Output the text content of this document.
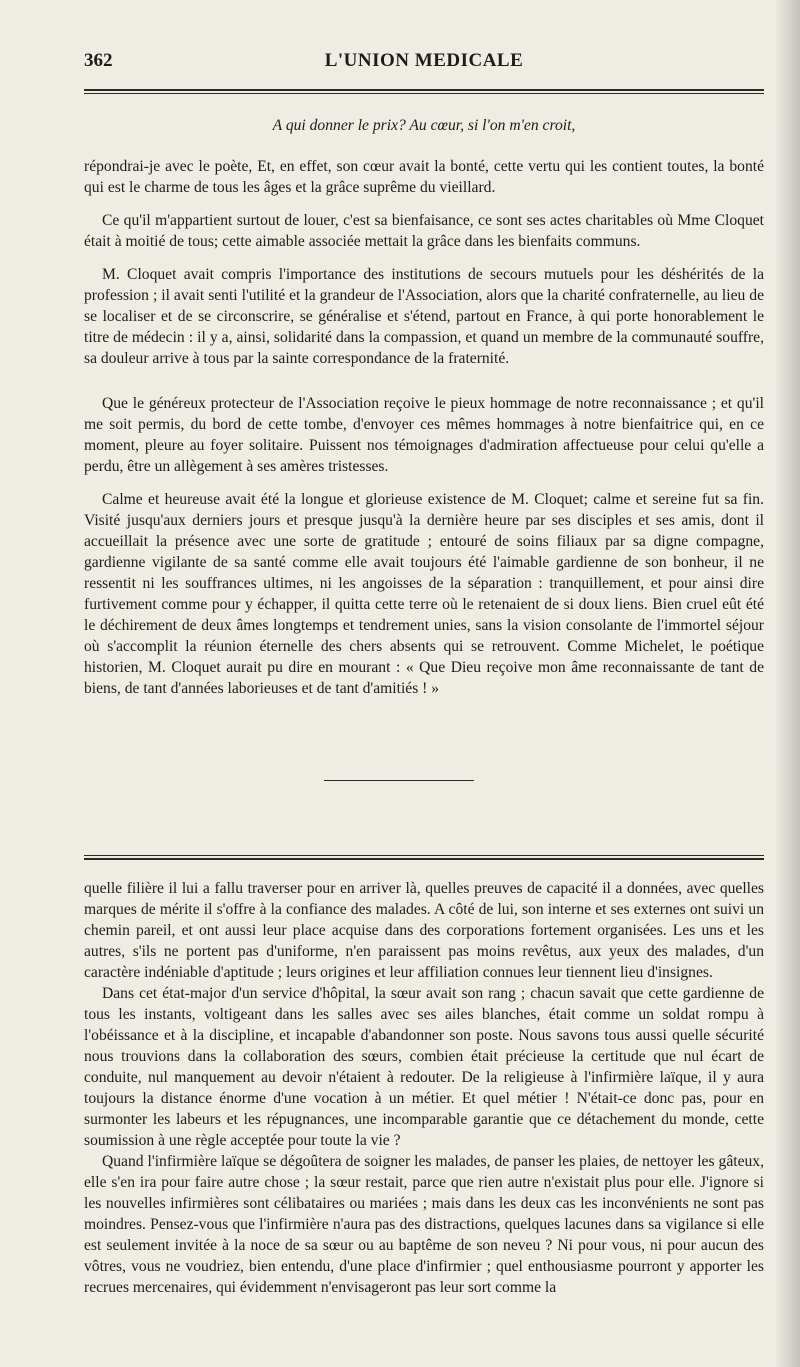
362	L'UNION MEDICALE
A qui donner le prix? Au cœur, si l'on m'en croit,

répondrai-je avec le poète, Et, en effet, son cœur avait la bonté, cette vertu qui les contient toutes, la bonté qui est le charme de tous les âges et la grâce suprême du vieillard.

Ce qu'il m'appartient surtout de louer, c'est sa bienfaisance, ce sont ses actes charitables où Mme Cloquet était à moitié de tous; cette aimable associée mettait la grâce dans les bienfaits communs.

M. Cloquet avait compris l'importance des institutions de secours mutuels pour les déshérités de la profession ; il avait senti l'utilité et la grandeur de l'Association, alors que la charité confraternelle, au lieu de se localiser et de se circonscrire, se généralise et s'étend, partout en France, à qui porte honorablement le titre de médecin : il y a, ainsi, solidarité dans la compassion, et quand un membre de la communauté souffre, sa douleur arrive à tous par la sainte correspondance de la fraternité.

Que le généreux protecteur de l'Association reçoive le pieux hommage de notre reconnaissance ; et qu'il me soit permis, du bord de cette tombe, d'envoyer ces mêmes hommages à notre bienfaitrice qui, en ce moment, pleure au foyer solitaire. Puissent nos témoignages d'admiration affectueuse pour celui qu'elle a perdu, être un allègement à ses amères tristesses.

Calme et heureuse avait été la longue et glorieuse existence de M. Cloquet; calme et sereine fut sa fin. Visité jusqu'aux derniers jours et presque jusqu'à la dernière heure par ses disciples et ses amis, dont il accueillait la présence avec une sorte de gratitude ; entouré de soins filiaux par sa digne compagne, gardienne vigilante de sa santé comme elle avait toujours été l'aimable gardienne de son bonheur, il ne ressentit ni les souffrances ultimes, ni les angoisses de la séparation : tranquillement, et pour ainsi dire furtivement comme pour y échapper, il quitta cette terre où le retenaient de si doux liens. Bien cruel eût été le déchirement de deux âmes longtemps et tendrement unies, sans la vision consolante de l'immortel séjour où s'accomplit la réunion éternelle des chers absents qui se retrouvent. Comme Michelet, le poétique historien, M. Cloquet aurait pu dire en mourant : « Que Dieu reçoive mon âme reconnaissante de tant de biens, de tant d'années laborieuses et de tant d'amitiés ! »

quelle filière il lui a fallu traverser pour en arriver là, quelles preuves de capacité il a données, avec quelles marques de mérite il s'offre à la confiance des malades. A côté de lui, son interne et ses externes ont suivi un chemin pareil, et ont aussi leur place acquise dans des corporations fortement organisées. Les uns et les autres, s'ils ne portent pas d'uniforme, n'en paraissent pas moins revêtus, aux yeux des malades, d'un caractère indéniable d'aptitude ; leurs origines et leur affiliation connues leur tiennent lieu d'insignes.

Dans cet état-major d'un service d'hôpital, la sœur avait son rang ; chacun savait que cette gardienne de tous les instants, voltigeant dans les salles avec ses ailes blanches, était comme un soldat rompu à l'obéissance et à la discipline, et incapable d'abandonner son poste. Nous savons tous aussi quelle sécurité nous trouvions dans la collaboration des sœurs, combien était précieuse la certitude que nul écart de conduite, nul manquement au devoir n'étaient à redouter. De la religieuse à l'infirmière laïque, il y aura toujours la distance énorme d'une vocation à un métier. Et quel métier ! N'était-ce donc pas, pour en surmonter les labeurs et les répugnances, une incomparable garantie que ce détachement du monde, cette soumission à une règle acceptée pour toute la vie ?

Quand l'infirmière laïque se dégoûtera de soigner les malades, de panser les plaies, de nettoyer les gâteux, elle s'en ira pour faire autre chose ; la sœur restait, parce que rien autre n'existait plus pour elle. J'ignore si les nouvelles infirmières sont célibataires ou mariées ; mais dans les deux cas les inconvénients ne sont pas moindres. Pensez-vous que l'infirmière n'aura pas des distractions, quelques lacunes dans sa vigilance si elle est seulement invitée à la noce de sa sœur ou au baptême de son neveu ? Ni pour vous, ni pour aucun des vôtres, vous ne voudriez, bien entendu, d'une place d'infirmier ; quel enthousiasme pourront y apporter les recrues mercenaires, qui évidemment n'envisageront pas leur sort comme la
